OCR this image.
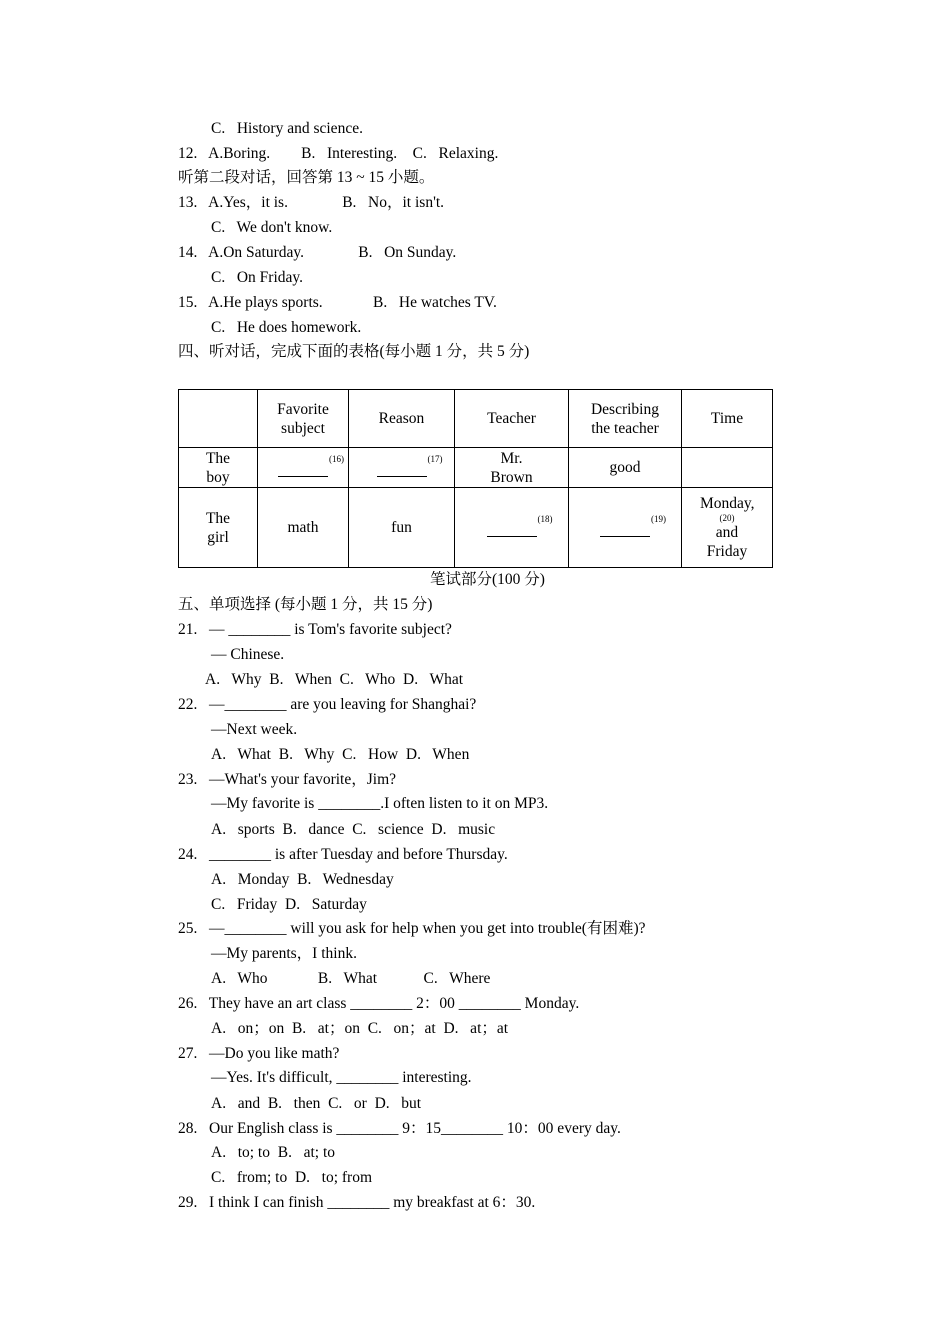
C.   History and science.
12.   A.Boring.        B.   Interesting.    C.   Relaxing.
听第二段对话，回答第 13 ~ 15 小题。
13.   A.Yes，it is.              B.   No，it isn't.
C.   We don't know.
14.   A.On Saturday.              B.   On Sunday.
C.   On Friday.
15.   A.He plays sports.             B.   He watches TV.
C.   He does homework.
四、听对话，完成下面的表格(每小题 1 分，共 5 分)
笔试部分(100 分)
五、单项选择 (每小题 1 分，共 15 分)
21.   — ________ is Tom's favorite subject?
— Chinese.
A.   Why  B.   When  C.   Who  D.   What
22.   —________ are you leaving for Shanghai?
—Next week.
A.   What  B.   Why  C.   How  D.   When
23.   —What's your favorite，Jim?
—My favorite is ________.I often listen to it on MP3.
A.   sports  B.   dance  C.   science  D.   music
24.   ________ is after Tuesday and before Thursday.
A.   Monday  B.   Wednesday
C.   Friday  D.   Saturday
25.   —________ will you ask for help when you get into trouble(有困难)?
—My parents，I think.
A.   Who             B.   What            C.   Where
26.   They have an art class ________ 2：00 ________ Monday.
A.   on；on  B.   at；on  C.   on；at  D.   at；at
27.   —Do you like math?
—Yes. It's difficult, ________ interesting.
A.   and  B.   then  C.   or  D.   but
28.   Our English class is ________ 9：15________ 10：00 every day.
A.   to; to  B.   at; to
C.   from; to  D.   to; from
29.   I think I can finish ________ my breakfast at 6：30.
	Favorite subject	Reason	Teacher	Describing the teacher	Time
The boy	(16)	(17)	Mr. Brown	good	
The girl	math	fun	(18)	(19)	Monday,
(20)
and Friday
